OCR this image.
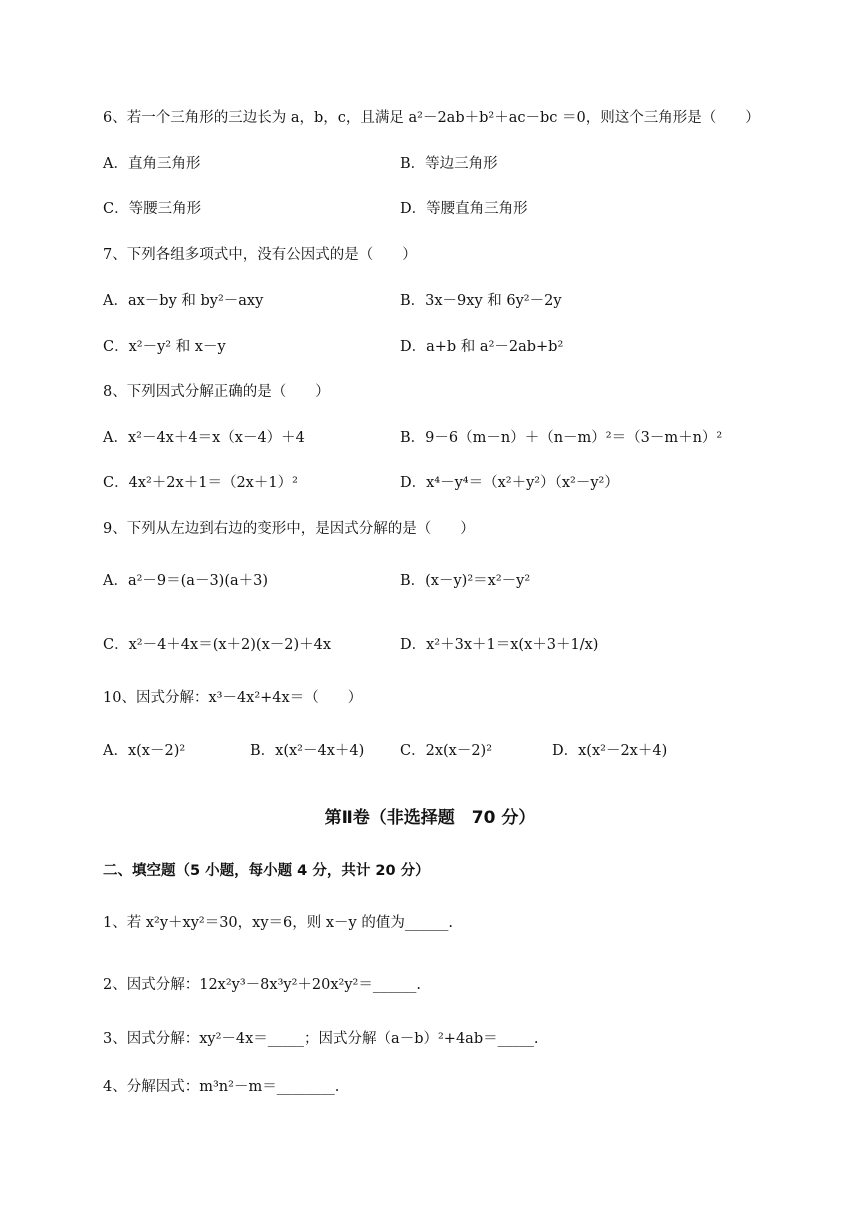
6、若一个三角形的三边长为 a，b，c，且满足 a²－2ab＋b²＋ac－bc ＝0，则这个三角形是（　　）
A．直角三角形	B．等边三角形
C．等腰三角形	D．等腰直角三角形
7、下列各组多项式中，没有公因式的是（　　）
A．ax－by 和 by²－axy	B．3x－9xy 和 6y²－2y
C．x²－y² 和 x－y	D．a+b 和 a²－2ab+b²
8、下列因式分解正确的是（　　）
A．x²－4x＋4＝x（x－4）＋4	B．9－6（m－n）＋（n－m）²＝（3－m＋n）²
C．4x²＋2x＋1＝（2x＋1）²	D．x⁴－y⁴＝（x²＋y²）（x²－y²）
9、下列从左边到右边的变形中，是因式分解的是（　　）
A．a²－9＝(a－3)(a＋3)	B．(x－y)²＝x²－y²
C．x²－4＋4x＝(x＋2)(x－2)＋4x	D．x²＋3x＋1＝x(x＋3＋1/x)
10、因式分解：x³－4x²+4x＝（　　）
A．x(x－2)²	B．x(x²－4x＋4) C．2x(x－2)²	D．x(x²－2x＋4)
第Ⅱ卷（非选择题　70 分）
二、填空题（5 小题，每小题 4 分，共计 20 分）
1、若 x²y＋xy²＝30，xy＝6，则 x－y 的值为______.
2、因式分解：12x²y³－8x³y²＋20x²y²＝______.
3、因式分解：xy²－4x＝_____；因式分解（a－b）²+4ab＝_____.
4、分解因式：m³n²－m＝________.
